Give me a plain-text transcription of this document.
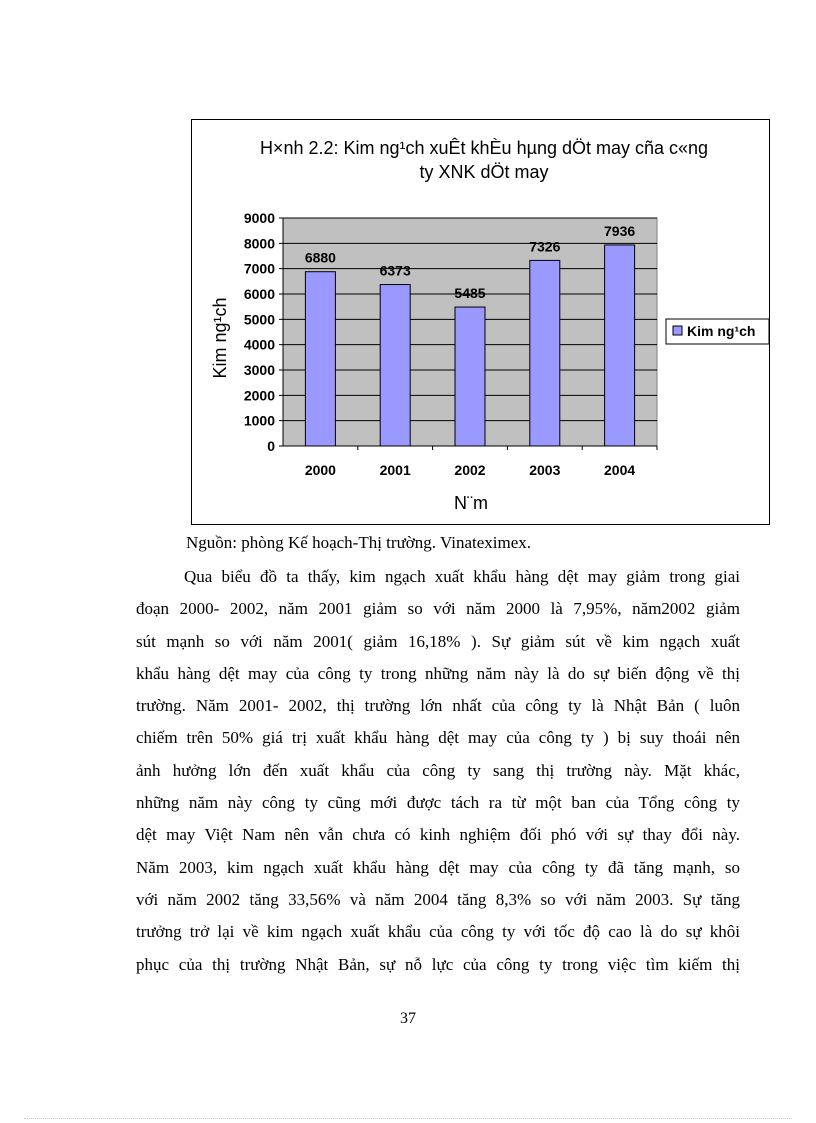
H×nh 2.2: Kim ng¹ch xuÊt khÈu hµng dÖt may cña c«ng
ty XNK dÖt may
0
1000
2000
3000
4000
5000
6000
7000
8000
9000
6880
2000
6373
2001
5485
2002
7326
2003
7936
2004
Kim ng¹ch
N¨m
Kim ng¹ch
Nguồn: phòng Kế hoạch-Thị trường. Vinateximex.

Qua biểu đồ ta thấy, kim ngạch xuất khẩu hàng dệt may giảm trong giai
đoạn 2000- 2002, năm 2001 giảm so với năm 2000 là 7,95%, năm2002 giảm
sút mạnh so với năm 2001( giảm 16,18% ). Sự giảm sút về kim ngạch xuất
khẩu hàng dệt may của công ty trong những năm này là do sự biến động về thị
trường. Năm 2001- 2002, thị trường lớn nhất của công ty là Nhật Bản ( luôn
chiếm trên 50% giá trị xuất khẩu hàng dệt may của công ty ) bị suy thoái nên
ảnh hưởng lớn đến xuất khẩu của công ty sang thị trường này. Mặt khác,
những năm này công ty cũng mới được tách ra từ một ban của Tổng công ty
dệt may Việt Nam nên vẫn chưa có kinh nghiệm đối phó với sự thay đổi này.
Năm 2003, kim ngạch xuất khẩu hàng dệt may của công ty đã tăng mạnh, so
với năm 2002 tăng 33,56% và năm 2004 tăng 8,3% so với năm 2003. Sự tăng
trưởng trở lại về kim ngạch xuất khẩu của công ty với tốc độ cao là do sự khôi
phục của thị trường Nhật Bản, sự nỗ lực của công ty trong việc tìm kiếm thị

37
